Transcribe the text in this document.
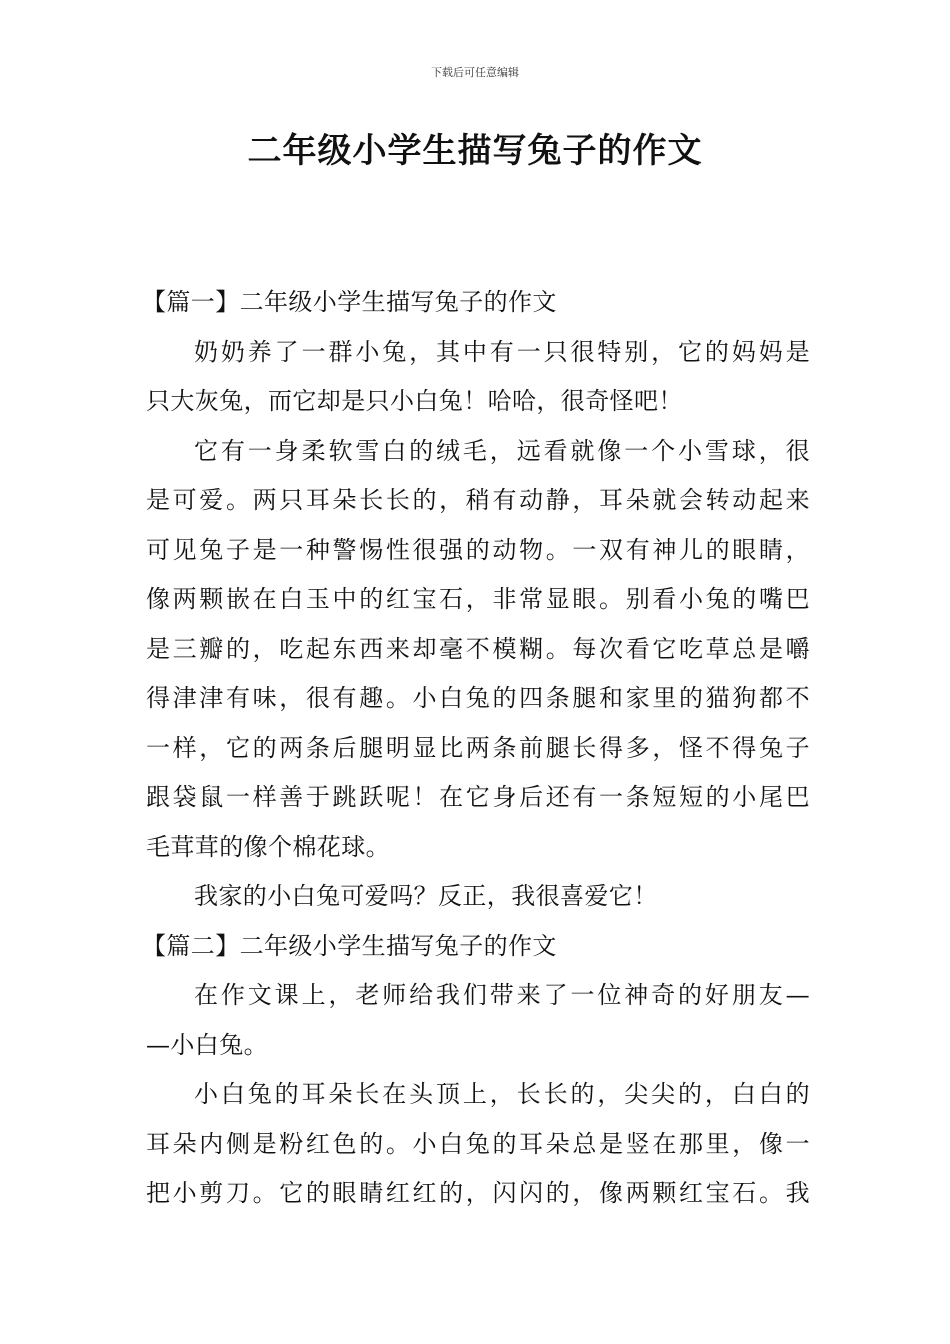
下载后可任意编辑
二年级小学生描写兔子的作文
【篇一】二年级小学生描写兔子的作文
奶奶养了一群小兔，其中有一只很特别，它的妈妈是
只大灰兔，而它却是只小白兔！哈哈，很奇怪吧！
它有一身柔软雪白的绒毛，远看就像一个小雪球，很
是可爱。两只耳朵长长的，稍有动静，耳朵就会转动起来
可见兔子是一种警惕性很强的动物。一双有神儿的眼睛，
像两颗嵌在白玉中的红宝石，非常显眼。别看小兔的嘴巴
是三瓣的，吃起东西来却毫不模糊。每次看它吃草总是嚼
得津津有味，很有趣。小白兔的四条腿和家里的猫狗都不
一样，它的两条后腿明显比两条前腿长得多，怪不得兔子
跟袋鼠一样善于跳跃呢！在它身后还有一条短短的小尾巴
毛茸茸的像个棉花球。
我家的小白兔可爱吗？反正，我很喜爱它！
【篇二】二年级小学生描写兔子的作文
在作文课上，老师给我们带来了一位神奇的好朋友—
—小白兔。
小白兔的耳朵长在头顶上，长长的，尖尖的，白白的
耳朵内侧是粉红色的。小白兔的耳朵总是竖在那里，像一
把小剪刀。它的眼睛红红的，闪闪的，像两颗红宝石。我
